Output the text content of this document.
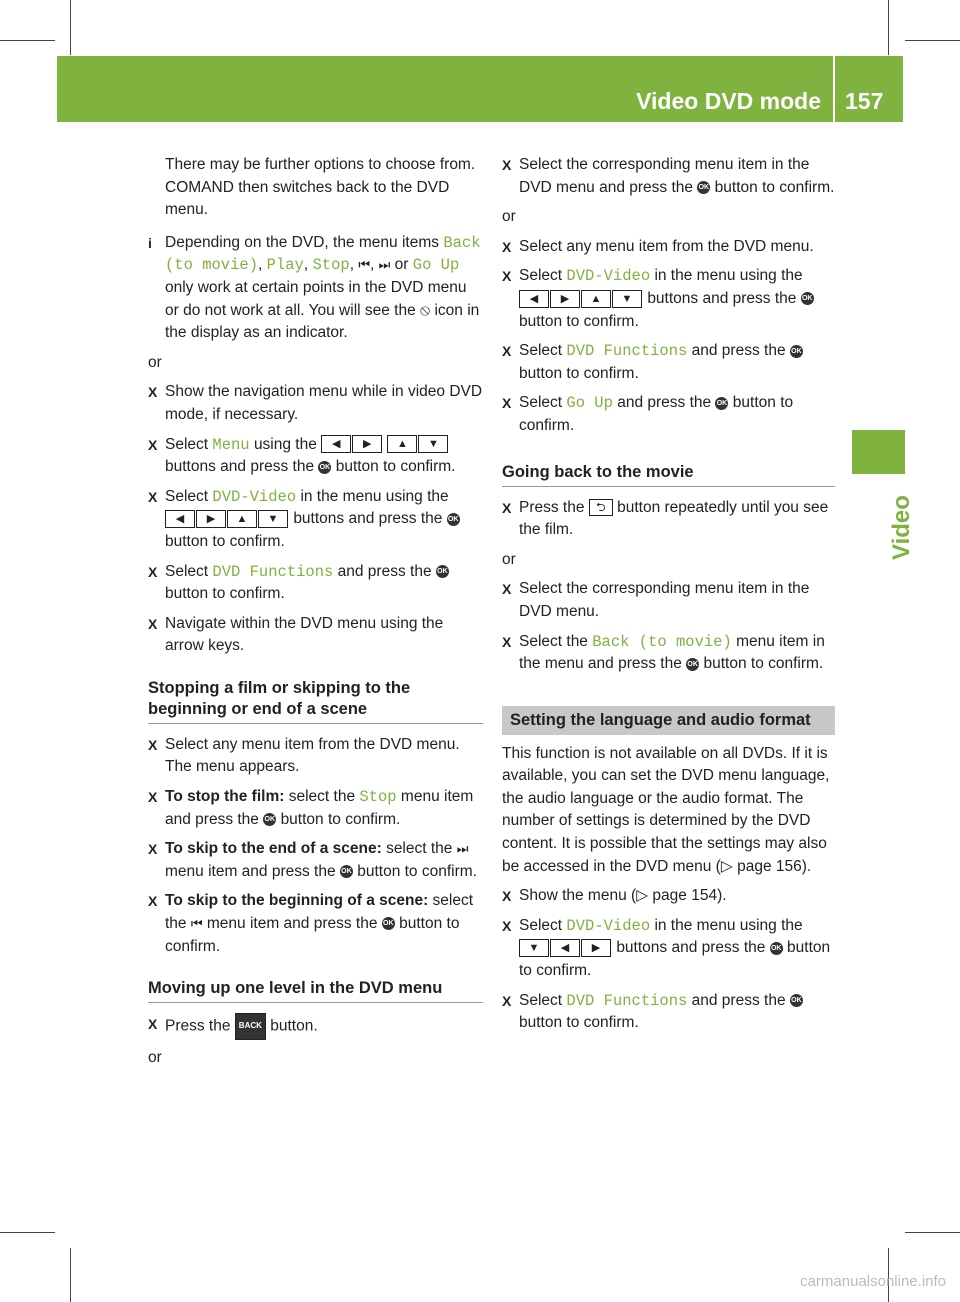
Video DVD mode 157
Video

There may be further options to choose from.

COMAND then switches back to the DVD menu.

i Depending on the DVD, the menu items Back (to movie), Play, Stop, ⏮, ⏭ or Go Up only work at certain points in the DVD menu or do not work at all. You will see the ⦸ icon in the display as an indicator.

or

X Show the navigation menu while in video DVD mode, if necessary.
X Select Menu using the ◀ ▶ ▲ ▼ buttons and press the OK button to confirm.
X Select DVD-Video in the menu using the ◀ ▶ ▲ ▼ buttons and press the OK button to confirm.
X Select DVD Functions and press the OK button to confirm.
X Navigate within the DVD menu using the arrow keys.
Stopping a film or skipping to the beginning or end of a scene
X Select any menu item from the DVD menu. The menu appears.
X To stop the film: select the Stop menu item and press the OK button to confirm.
X To skip to the end of a scene: select the ⏭ menu item and press the OK button to confirm.
X To skip to the beginning of a scene: select the ⏮ menu item and press the OK button to confirm.
Moving up one level in the DVD menu
X Press the BACK button.

or

X Select the corresponding menu item in the DVD menu and press the OK button to confirm.

or

X Select any menu item from the DVD menu.
X Select DVD-Video in the menu using the ◀ ▶ ▲ ▼ buttons and press the OK button to confirm.
X Select DVD Functions and press the OK button to confirm.
X Select Go Up and press the OK button to confirm.
Going back to the movie
X Press the ⮌ button repeatedly until you see the film.

or

X Select the corresponding menu item in the DVD menu.
X Select the Back (to movie) menu item in the menu and press the OK button to confirm.
Setting the language and audio format

This function is not available on all DVDs. If it is available, you can set the DVD menu language, the audio language or the audio format. The number of settings is determined by the DVD content. It is possible that the settings may also be accessed in the DVD menu (▷ page 156).

X Show the menu (▷ page 154).
X Select DVD-Video in the menu using the ▼ ◀ ▶ buttons and press the OK button to confirm.
X Select DVD Functions and press the OK button to confirm.
carmanualsonline.info
